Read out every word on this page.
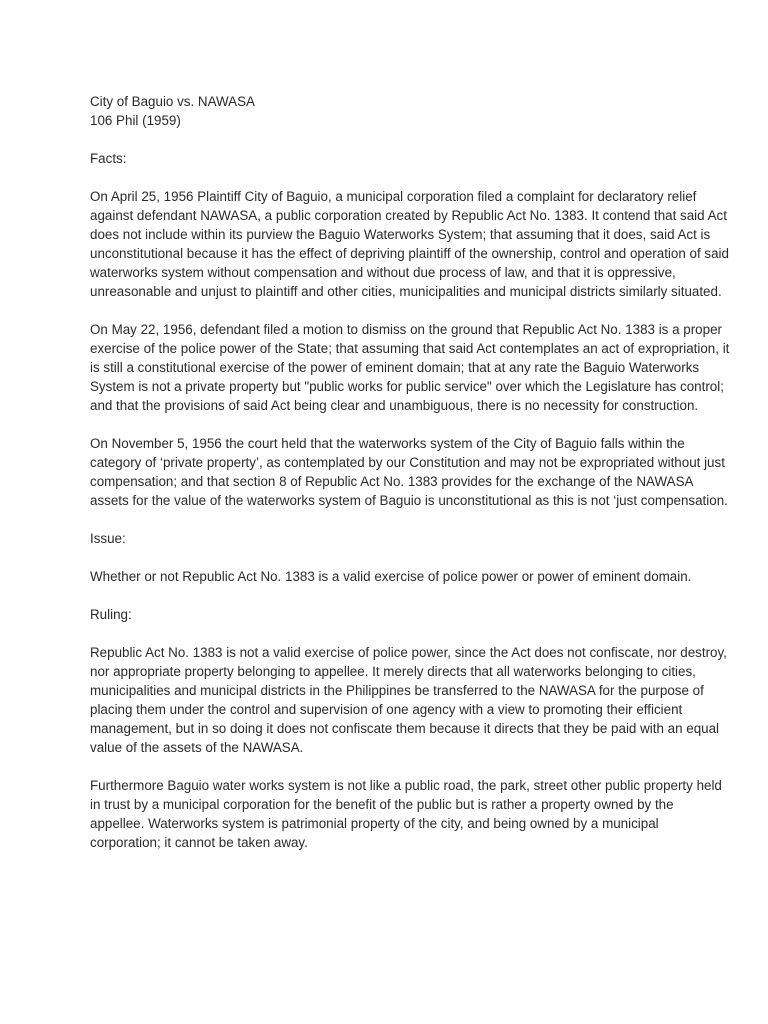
City of Baguio vs. NAWASA
106 Phil (1959)
Facts:

On April 25, 1956 Plaintiff City of Baguio, a municipal corporation filed a complaint for declaratory relief against defendant NAWASA, a public corporation created by Republic Act No. 1383. It contend that said Act does not include within its purview the Baguio Waterworks System; that assuming that it does, said Act is unconstitutional because it has the effect of depriving plaintiff of the ownership, control and operation of said waterworks system without compensation and without due process of law, and that it is oppressive, unreasonable and unjust to plaintiff and other cities, municipalities and municipal districts similarly situated.

On May 22, 1956, defendant filed a motion to dismiss on the ground that Republic Act No. 1383 is a proper exercise of the police power of the State; that assuming that said Act contemplates an act of expropriation, it is still a constitutional exercise of the power of eminent domain; that at any rate the Baguio Waterworks System is not a private property but "public works for public service" over which the Legislature has control; and that the provisions of said Act being clear and unambiguous, there is no necessity for construction.

On November 5, 1956 the court held that the waterworks system of the City of Baguio falls within the category of ‘private property’, as contemplated by our Constitution and may not be expropriated without just compensation; and that section 8 of Republic Act No. 1383 provides for the exchange of the NAWASA assets for the value of the waterworks system of Baguio is unconstitutional as this is not ‘just compensation.

Issue:

Whether or not Republic Act No. 1383 is a valid exercise of police power or power of eminent domain.

Ruling:

Republic Act No. 1383 is not a valid exercise of police power, since the Act does not confiscate, nor destroy, nor appropriate property belonging to appellee. It merely directs that all waterworks belonging to cities, municipalities and municipal districts in the Philippines be transferred to the NAWASA for the purpose of placing them under the control and supervision of one agency with a view to promoting their efficient management, but in so doing it does not confiscate them because it directs that they be paid with an equal value of the assets of the NAWASA.

Furthermore Baguio water works system is not like a public road, the park, street other public property held in trust by a municipal corporation for the benefit of the public but is rather a property owned by the appellee. Waterworks system is patrimonial property of the city, and being owned by a municipal corporation; it cannot be taken away.
